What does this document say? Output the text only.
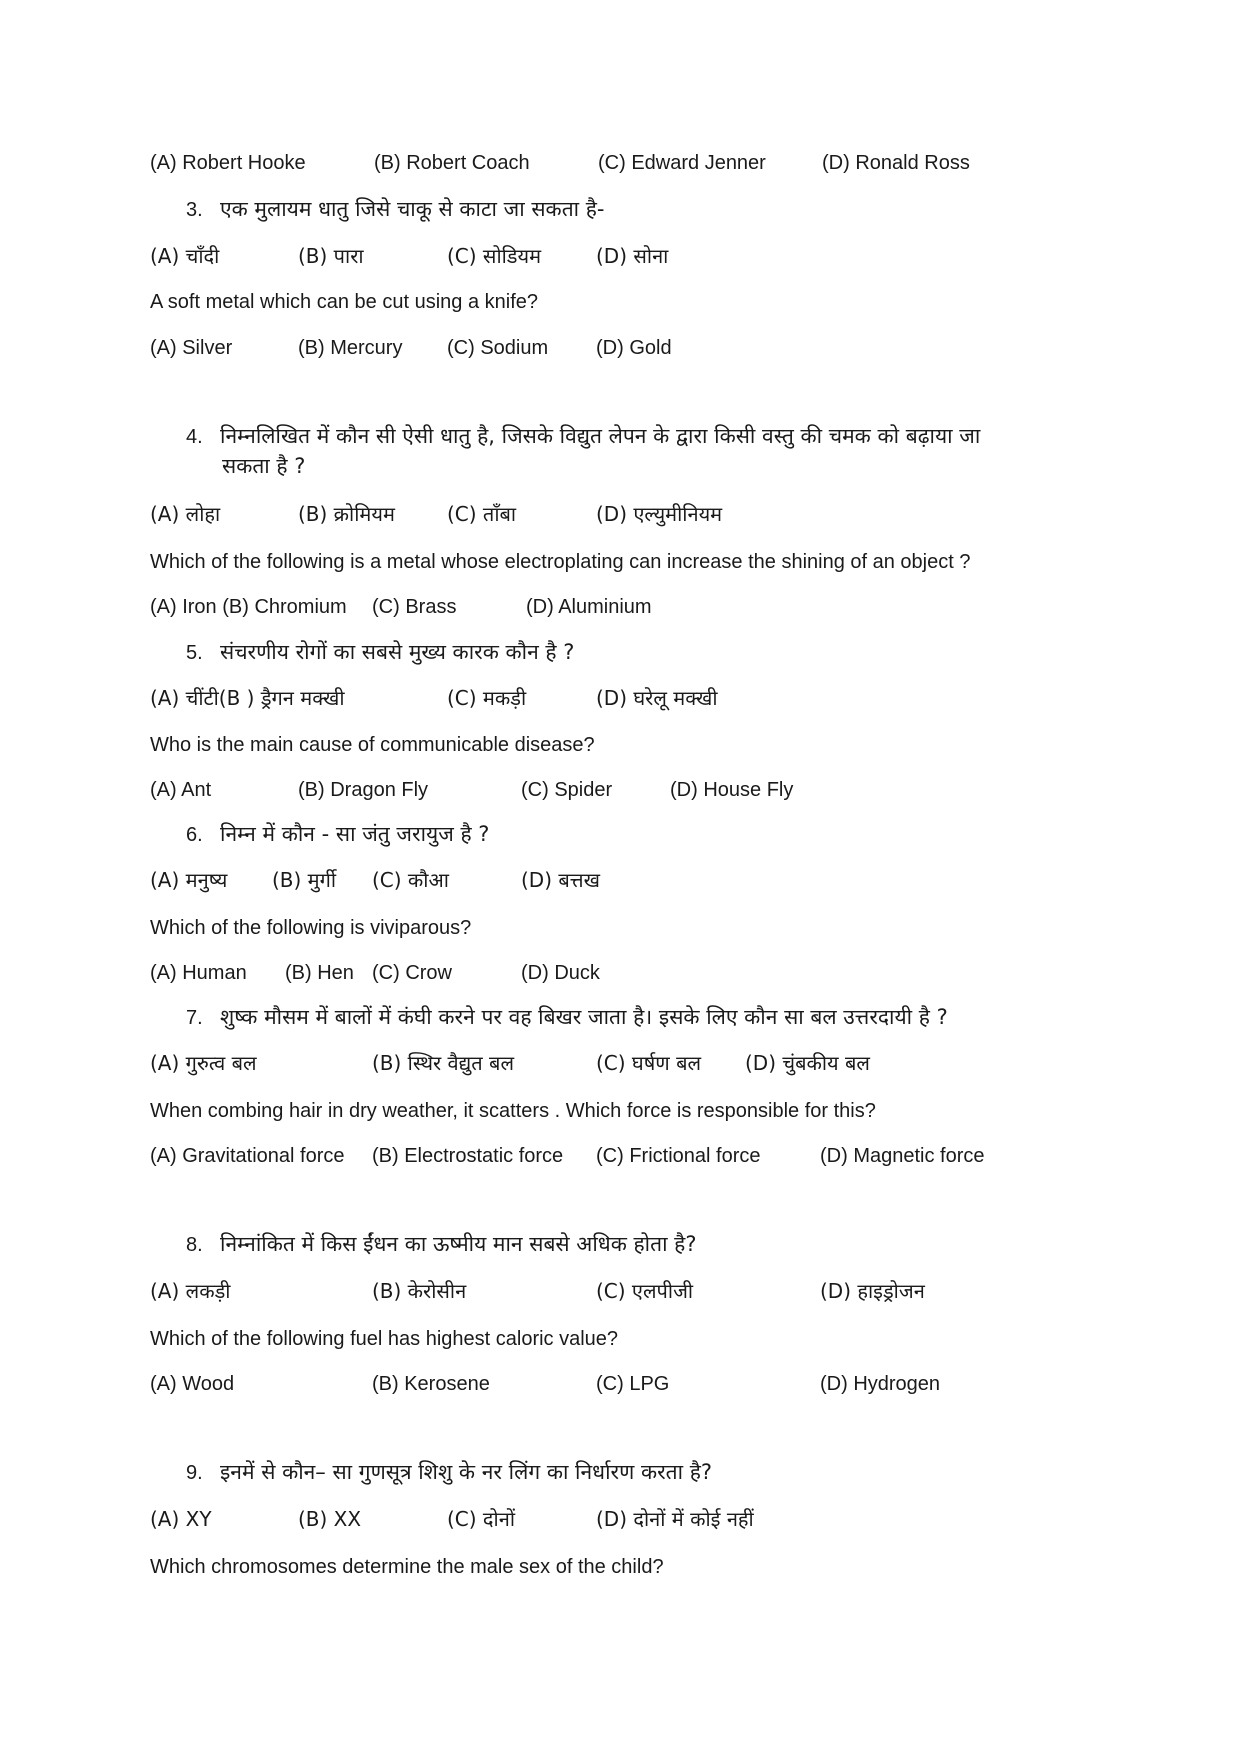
(A) Robert Hooke	(B) Robert Coach	(C) Edward Jenner	(D) Ronald Ross
3. एक मुलायम धातु जिसे चाकू से काटा जा सकता है-
(A) चाँदी	(B) पारा	(C) सोडियम	(D) सोना
A soft metal which can be cut using a knife?
(A) Silver	(B) Mercury (C) Sodium (D) Gold
4. निम्नलिखित में कौन सी ऐसी धातु है, जिसके विद्युत लेपन के द्वारा किसी वस्तु की चमक को बढ़ाया जा
सकता है ?
(A) लोहा	(B) क्रोमियम	(C) ताँबा	(D) एल्युमीनियम
Which of the following is a metal whose electroplating can increase the shining of an object ?
(A) Iron (B) Chromium (C) Brass	(D) Aluminium
5. संचरणीय रोगों का सबसे मुख्य कारक कौन है ?
(A) चींटी(B ) ड्रैगन मक्खी	(C) मकड़ी	(D) घरेलू मक्खी
Who is the main cause of communicable disease?
(A) Ant	(B) Dragon Fly	(C) Spider	(D) House Fly
6. निम्न में कौन - सा जंतु जरायुज है ?
(A) मनुष्य (B) मुर्गी (C) कौआ	(D) बत्तख
Which of the following is viviparous?
(A) Human (B) Hen (C) Crow	(D) Duck
7. शुष्क मौसम में बालों में कंघी करने पर वह बिखर जाता है। इसके लिए कौन सा बल उत्तरदायी है ?
(A) गुरुत्व बल	(B) स्थिर वैद्युत बल	(C) घर्षण बल (D) चुंबकीय बल
When combing hair in dry weather, it scatters . Which force is responsible for this?
(A) Gravitational force (B) Electrostatic force (C) Frictional force	(D) Magnetic force
8. निम्नांकित में किस ईंधन का ऊष्मीय मान सबसे अधिक होता है?
(A) लकड़ी	(B) केरोसीन	(C) एलपीजी	(D) हाइड्रोजन
Which of the following fuel has highest caloric value?
(A) Wood	(B) Kerosene	(C) LPG	(D) Hydrogen
9. इनमें से कौन– सा गुणसूत्र शिशु के नर लिंग का निर्धारण करता है?
(A) XY	(B) XX	(C) दोनों	(D) दोनों में कोई नहीं
Which chromosomes determine the male sex of the child?
